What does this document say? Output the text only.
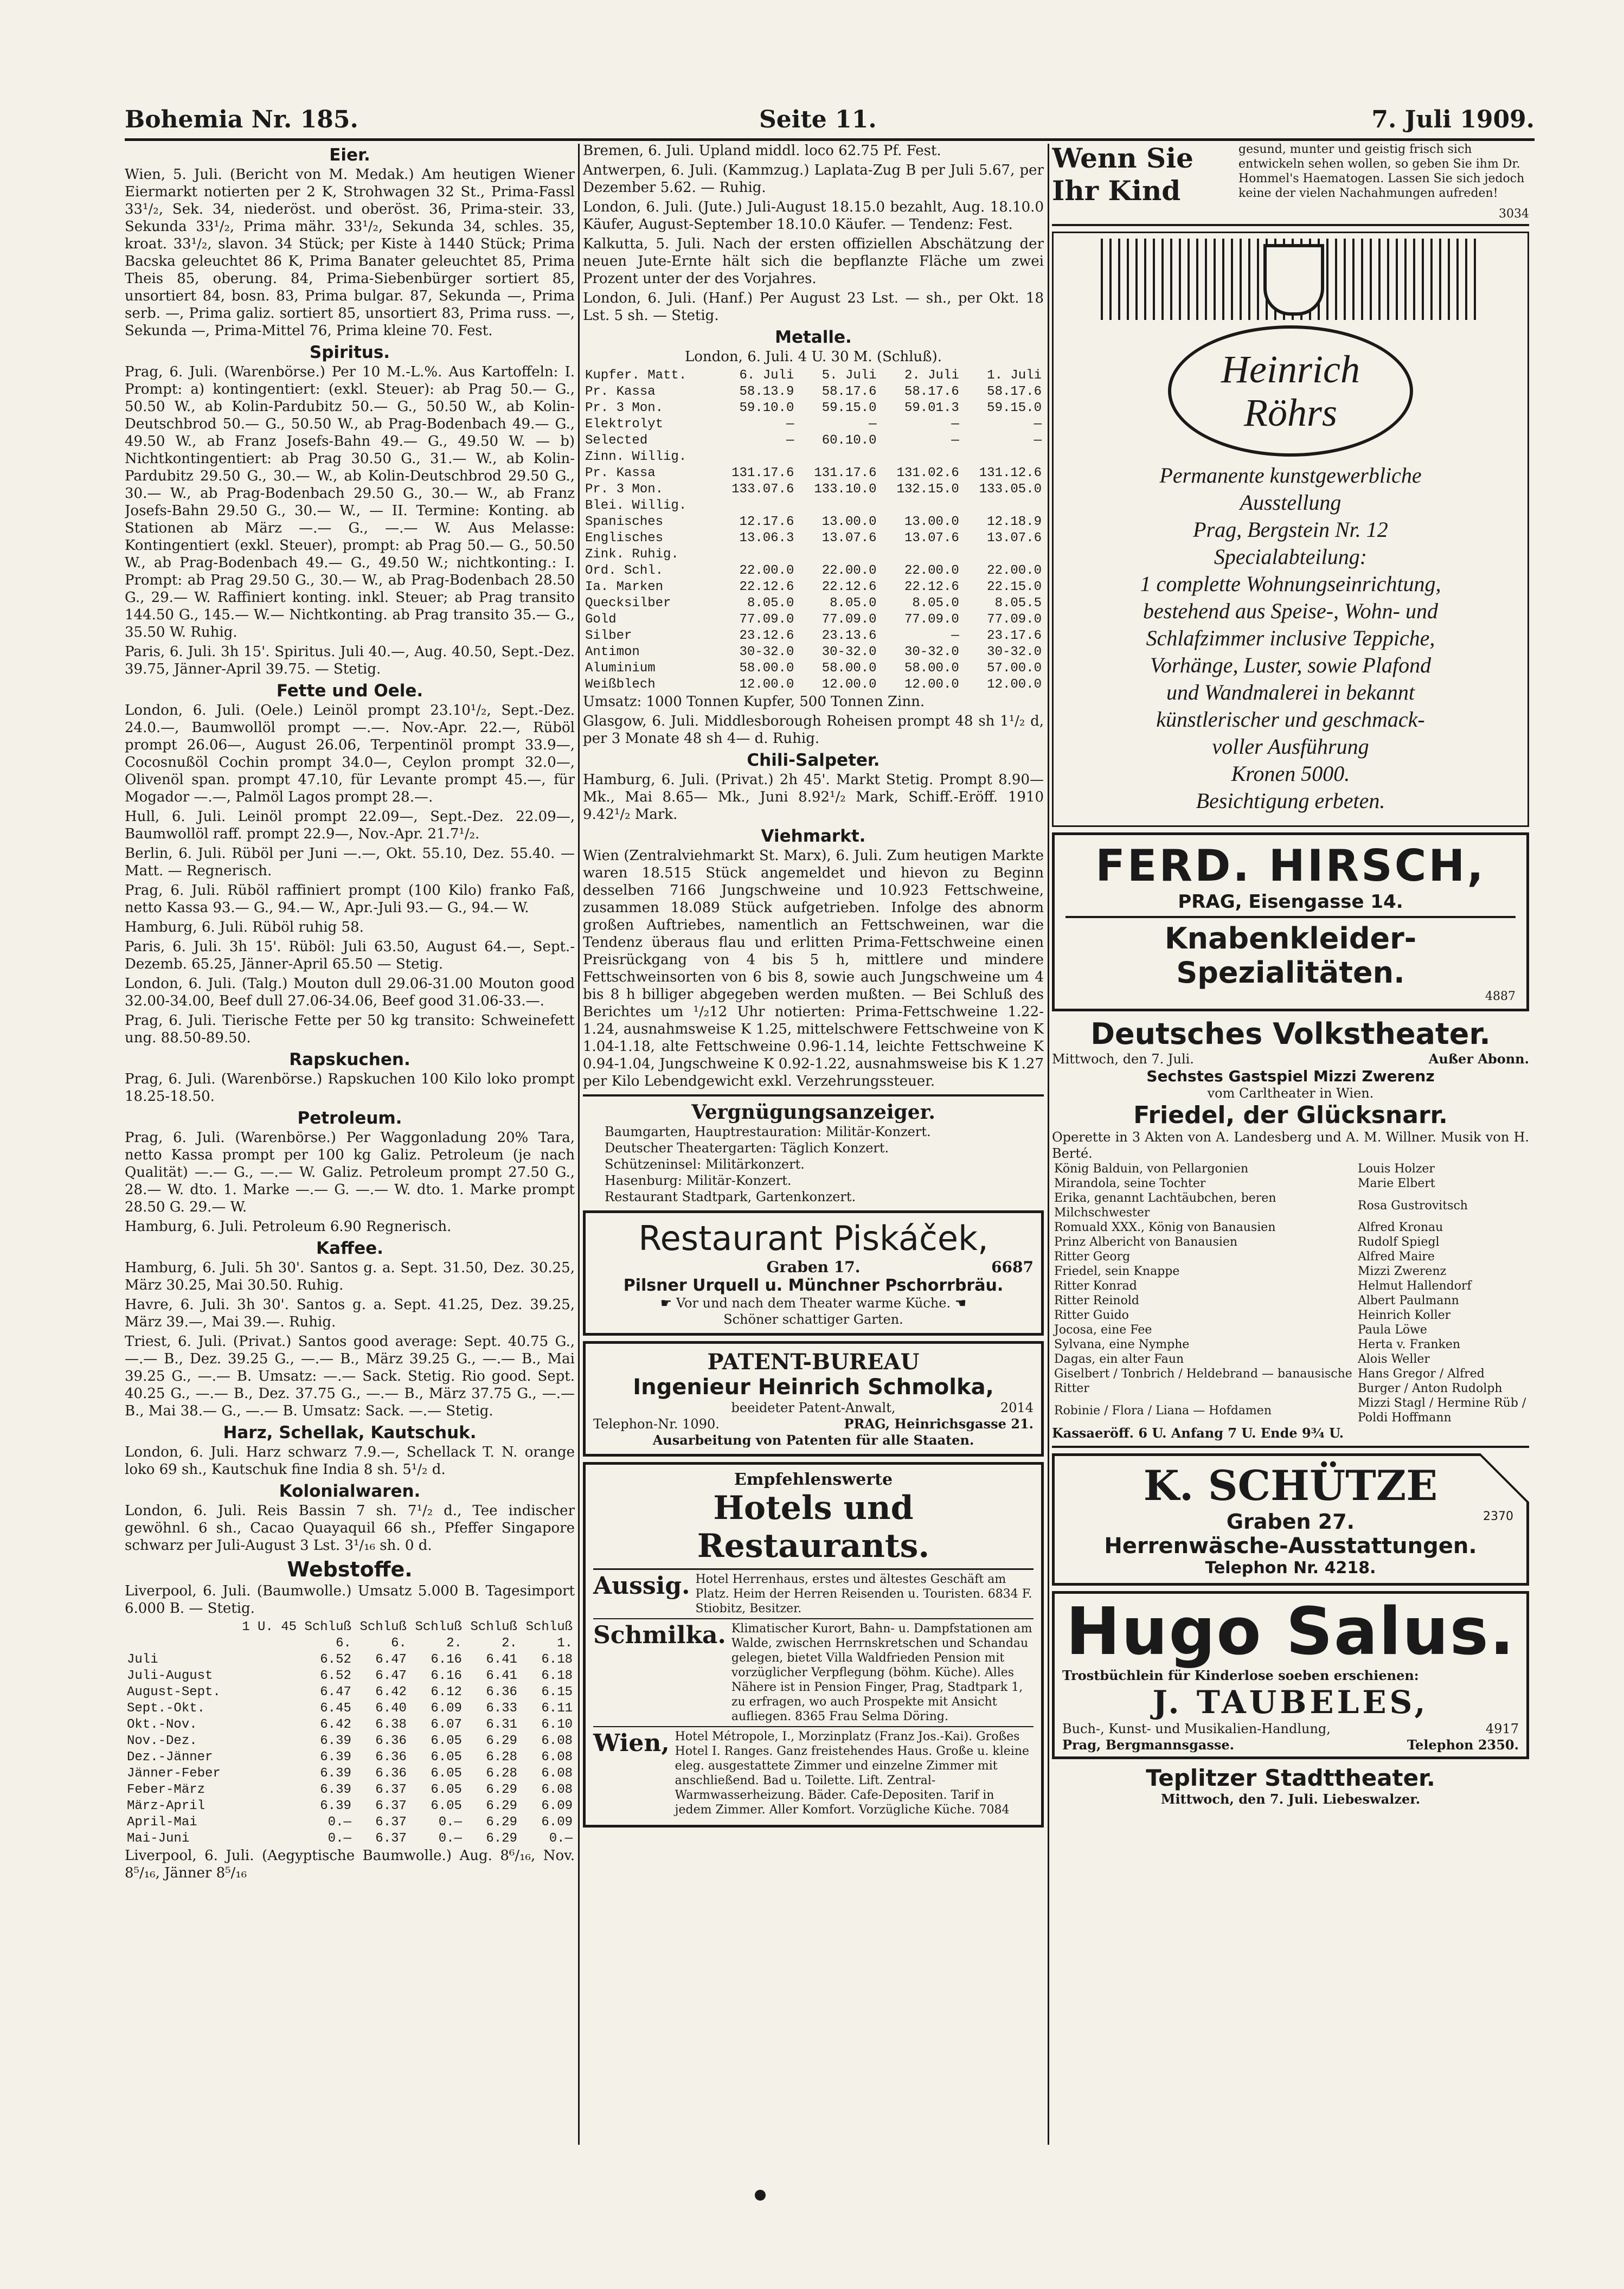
Bohemia Nr. 185.	Seite 11.	7. Juli 1909.
Eier.

Wien, 5. Juli. (Bericht von M. Medak.) Am heutigen Wiener Eiermarkt notierten per 2 K, Strohwagen 32 St., Prima-Fassl 33¹/₂, Sek. 34, niederöst. und oberöst. 36, Prima-steir. 33, Sekunda 33¹/₂, Prima mähr. 33¹/₂, Sekunda 34, schles. 35, kroat. 33¹/₂, slavon. 34 Stück; per Kiste à 1440 Stück; Prima Bacska geleuchtet 86 K, Prima Banater geleuchtet 85, Prima Theis 85, oberung. 84, Prima-Siebenbürger sortiert 85, unsortiert 84, bosn. 83, Prima bulgar. 87, Sekunda —, Prima serb. —, Prima galiz. sortiert 85, unsortiert 83, Prima russ. —, Sekunda —, Prima-Mittel 76, Prima kleine 70. Fest.

Spiritus.

Prag, 6. Juli. (Warenbörse.) Per 10 M.-L.%. Aus Kartoffeln: I. Prompt: a) kontingentiert: (exkl. Steuer): ab Prag 50.— G., 50.50 W., ab Kolin-Pardubitz 50.— G., 50.50 W., ab Kolin-Deutschbrod 50.— G., 50.50 W., ab Prag-Bodenbach 49.— G., 49.50 W., ab Franz Josefs-Bahn 49.— G., 49.50 W. — b) Nichtkontingentiert: ab Prag 30.50 G., 31.— W., ab Kolin-Pardubitz 29.50 G., 30.— W., ab Kolin-Deutschbrod 29.50 G., 30.— W., ab Prag-Bodenbach 29.50 G., 30.— W., ab Franz Josefs-Bahn 29.50 G., 30.— W., — II. Termine: Konting. ab Stationen ab März —.— G., —.— W. Aus Melasse: Kontingentiert (exkl. Steuer), prompt: ab Prag 50.— G., 50.50 W., ab Prag-Bodenbach 49.— G., 49.50 W.; nichtkonting.: I. Prompt: ab Prag 29.50 G., 30.— W., ab Prag-Bodenbach 28.50 G., 29.— W. Raffiniert konting. inkl. Steuer; ab Prag transito 144.50 G., 145.— W.— Nichtkonting. ab Prag transito 35.— G., 35.50 W. Ruhig.

Paris, 6. Juli. 3h 15'. Spiritus. Juli 40.—, Aug. 40.50, Sept.-Dez. 39.75, Jänner-April 39.75. — Stetig.

Fette und Oele.

London, 6. Juli. (Oele.) Leinöl prompt 23.10¹/₂, Sept.-Dez. 24.0.—, Baumwollöl prompt —.—. Nov.-Apr. 22.—, Rüböl prompt 26.06—, August 26.06, Terpentinöl prompt 33.9—, Cocosnußöl Cochin prompt 34.0—, Ceylon prompt 32.0—, Olivenöl span. prompt 47.10, für Levante prompt 45.—, für Mogador —.—, Palmöl Lagos prompt 28.—.

Hull, 6. Juli. Leinöl prompt 22.09—, Sept.-Dez. 22.09—, Baumwollöl raff. prompt 22.9—, Nov.-Apr. 21.7¹/₂.

Berlin, 6. Juli. Rüböl per Juni —.—, Okt. 55.10, Dez. 55.40. — Matt. — Regnerisch.

Prag, 6. Juli. Rüböl raffiniert prompt (100 Kilo) franko Faß, netto Kassa 93.— G., 94.— W., Apr.-Juli 93.— G., 94.— W.

Hamburg, 6. Juli. Rüböl ruhig 58.

Paris, 6. Juli. 3h 15'. Rüböl: Juli 63.50, August 64.—, Sept.-Dezemb. 65.25, Jänner-April 65.50 — Stetig.

London, 6. Juli. (Talg.) Mouton dull 29.06-31.00 Mouton good 32.00-34.00, Beef dull 27.06-34.06, Beef good 31.06-33.—.

Prag, 6. Juli. Tierische Fette per 50 kg transito: Schweinefett ung. 88.50-89.50.

Rapskuchen.

Prag, 6. Juli. (Warenbörse.) Rapskuchen 100 Kilo loko prompt 18.25-18.50.

Petroleum.

Prag, 6. Juli. (Warenbörse.) Per Waggonladung 20% Tara, netto Kassa prompt per 100 kg Galiz. Petroleum (je nach Qualität) —.— G., —.— W. Galiz. Petroleum prompt 27.50 G., 28.— W. dto. 1. Marke —.— G. —.— W. dto. 1. Marke prompt 28.50 G. 29.— W.

Hamburg, 6. Juli. Petroleum 6.90 Regnerisch.

Kaffee.

Hamburg, 6. Juli. 5h 30'. Santos g. a. Sept. 31.50, Dez. 30.25, März 30.25, Mai 30.50. Ruhig.

Havre, 6. Juli. 3h 30'. Santos g. a. Sept. 41.25, Dez. 39.25, März 39.—, Mai 39.—. Ruhig.

Triest, 6. Juli. (Privat.) Santos good average: Sept. 40.75 G., —.— B., Dez. 39.25 G., —.— B., März 39.25 G., —.— B., Mai 39.25 G., —.— B. Umsatz: —.— Sack. Stetig. Rio good. Sept. 40.25 G., —.— B., Dez. 37.75 G., —.— B., März 37.75 G., —.— B., Mai 38.— G., —.— B. Umsatz: Sack. —.— Stetig.

Harz, Schellak, Kautschuk.

London, 6. Juli. Harz schwarz 7.9.—, Schellack T. N. orange loko 69 sh., Kautschuk fine India 8 sh. 5¹/₂ d.

Kolonialwaren.

London, 6. Juli. Reis Bassin 7 sh. 7¹/₂ d., Tee indischer gewöhnl. 6 sh., Cacao Quayaquil 66 sh., Pfeffer Singapore schwarz per Juli-August 3 Lst. 3¹/₁₆ sh. 0 d.

Webstoffe.

Liverpool, 6. Juli. (Baumwolle.) Umsatz 5.000 B. Tagesimport 6.000 B. — Stetig.

	1 U. 45 Schluß	Schluß	Schluß	Schluß	Schluß
	6.	6.	2.	2.	1.
Juli	6.52	6.47	6.16	6.41	6.18
Juli-August	6.52	6.47	6.16	6.41	6.18
August-Sept.	6.47	6.42	6.12	6.36	6.15
Sept.-Okt.	6.45	6.40	6.09	6.33	6.11
Okt.-Nov.	6.42	6.38	6.07	6.31	6.10
Nov.-Dez.	6.39	6.36	6.05	6.29	6.08
Dez.-Jänner	6.39	6.36	6.05	6.28	6.08
Jänner-Feber	6.39	6.36	6.05	6.28	6.08
Feber-März	6.39	6.37	6.05	6.29	6.08
März-April	6.39	6.37	6.05	6.29	6.09
April-Mai	0.—	6.37	0.—	6.29	6.09
Mai-Juni	0.—	6.37	0.—	6.29	0.—

Liverpool, 6. Juli. (Aegyptische Baumwolle.) Aug. 8⁶/₁₆, Nov. 8⁵/₁₆, Jänner 8⁵/₁₆

Bremen, 6. Juli. Upland middl. loco 62.75 Pf. Fest.

Antwerpen, 6. Juli. (Kammzug.) Laplata-Zug B per Juli 5.67, per Dezember 5.62. — Ruhig.

London, 6. Juli. (Jute.) Juli-August 18.15.0 bezahlt, Aug. 18.10.0 Käufer, August-September 18.10.0 Käufer. — Tendenz: Fest.

Kalkutta, 5. Juli. Nach der ersten offiziellen Abschätzung der neuen Jute-Ernte hält sich die bepflanzte Fläche um zwei Prozent unter der des Vorjahres.

London, 6. Juli. (Hanf.) Per August 23 Lst. — sh., per Okt. 18 Lst. 5 sh. — Stetig.

Metalle.

London, 6. Juli. 4 U. 30 M. (Schluß).

Kupfer. Matt.	6. Juli	5. Juli	2. Juli	1. Juli
Pr. Kassa	58.13.9	58.17.6	58.17.6	58.17.6
Pr. 3 Mon.	59.10.0	59.15.0	59.01.3	59.15.0
Elektrolyt	—	—	—	—
Selected	—	60.10.0	—	—
Zinn. Willig.				
Pr. Kassa	131.17.6	131.17.6	131.02.6	131.12.6
Pr. 3 Mon.	133.07.6	133.10.0	132.15.0	133.05.0
Blei. Willig.				
Spanisches	12.17.6	13.00.0	13.00.0	12.18.9
Englisches	13.06.3	13.07.6	13.07.6	13.07.6
Zink. Ruhig.				
Ord. Schl.	22.00.0	22.00.0	22.00.0	22.00.0
Ia. Marken	22.12.6	22.12.6	22.12.6	22.15.0
Quecksilber	8.05.0	8.05.0	8.05.0	8.05.5
Gold	77.09.0	77.09.0	77.09.0	77.09.0
Silber	23.12.6	23.13.6	—	23.17.6
Antimon	30-32.0	30-32.0	30-32.0	30-32.0
Aluminium	58.00.0	58.00.0	58.00.0	57.00.0
Weißblech	12.00.0	12.00.0	12.00.0	12.00.0

Umsatz: 1000 Tonnen Kupfer, 500 Tonnen Zinn.

Glasgow, 6. Juli. Middlesborough Roheisen prompt 48 sh 1¹/₂ d, per 3 Monate 48 sh 4— d. Ruhig.

Chili-Salpeter.

Hamburg, 6. Juli. (Privat.) 2h 45'. Markt Stetig. Prompt 8.90— Mk., Mai 8.65— Mk., Juni 8.92¹/₂ Mark, Schiff.-Eröff. 1910 9.42¹/₂ Mark.

Viehmarkt.

Wien (Zentralviehmarkt St. Marx), 6. Juli. Zum heutigen Markte waren 18.515 Stück angemeldet und hievon zu Beginn desselben 7166 Jungschweine und 10.923 Fettschweine, zusammen 18.089 Stück aufgetrieben. Infolge des abnorm großen Auftriebes, namentlich an Fettschweinen, war die Tendenz überaus flau und erlitten Prima-Fettschweine einen Preisrückgang von 4 bis 5 h, mittlere und mindere Fettschweinsorten von 6 bis 8, sowie auch Jungschweine um 4 bis 8 h billiger abgegeben werden mußten. — Bei Schluß des Berichtes um ¹/₂12 Uhr notierten: Prima-Fettschweine 1.22-1.24, ausnahmsweise K 1.25, mittelschwere Fettschweine von K 1.04-1.18, alte Fettschweine 0.96-1.14, leichte Fettschweine K 0.94-1.04, Jungschweine K 0.92-1.22, ausnahmsweise bis K 1.27 per Kilo Lebendgewicht exkl. Verzehrungssteuer.

Vergnügungsanzeiger.
Baumgarten, Hauptrestauration: Militär-Konzert.
Deutscher Theatergarten: Täglich Konzert.
Schützeninsel: Militärkonzert.
Hasenburg: Militär-Konzert.
Restaurant Stadtpark, Gartenkonzert.
Restaurant Piskáček,
Graben 17.	6687
Pilsner Urquell u. Münchner Pschorrbräu.
☛ Vor und nach dem Theater warme Küche. ☚
Schöner schattiger Garten.
PATENT-BUREAU
Ingenieur Heinrich Schmolka,
beeideter Patent-Anwalt,	2014
Telephon-Nr. 1090.	PRAG, Heinrichsgasse 21.
Ausarbeitung von Patenten für alle Staaten.
Empfehlenswerte
Hotels und Restaurants.
Aussig. Hotel Herrenhaus, erstes und ältestes Geschäft am Platz. Heim der Herren Reisenden u. Touristen. 6834 F. Stiobitz, Besitzer.
Schmilka. Klimatischer Kurort, Bahn- u. Dampfstationen am Walde, zwischen Herrnskretschen und Schandau gelegen, bietet Villa Waldfrieden Pension mit vorzüglicher Verpflegung (böhm. Küche). Alles Nähere ist in Pension Finger, Prag, Stadtpark 1, zu erfragen, wo auch Prospekte mit Ansicht aufliegen. 8365 Frau Selma Döring.
Wien, Hotel Métropole, I., Morzinplatz (Franz Jos.-Kai). Großes Hotel I. Ranges. Ganz freistehendes Haus. Große u. kleine eleg. ausgestattete Zimmer und einzelne Zimmer mit anschließend. Bad u. Toilette. Lift. Zentral-Warmwasserheizung. Bäder. Cafe-Depositen. Tarif in jedem Zimmer. Aller Komfort. Vorzügliche Küche. 7084
Wenn Sie Ihr Kind
gesund, munter und geistig frisch sich entwickeln sehen wollen, so geben Sie ihm Dr. Hommel's Haematogen. Lassen Sie sich jedoch keine der vielen Nachahmungen aufreden!
3034
Heinrich
Röhrs
Permanente kunstgewerbliche
Ausstellung
Prag, Bergstein Nr. 12
Specialabteilung:
1 complette Wohnungseinrichtung,
bestehend aus Speise-, Wohn- und
Schlafzimmer inclusive Teppiche,
Vorhänge, Luster, sowie Plafond
und Wandmalerei in bekannt
künstlerischer und geschmack-
voller Ausführung
Kronen 5000.
Besichtigung erbeten.
FERD. HIRSCH,
PRAG, Eisengasse 14.
Knabenkleider-Spezialitäten.
4887
Deutsches Volkstheater.
Mittwoch, den 7. Juli.	Außer Abonn.
Sechstes Gastspiel Mizzi Zwerenz
vom Carltheater in Wien.
Friedel, der Glücksnarr.
Operette in 3 Akten von A. Landesberg und A. M. Willner. Musik von H. Berté.
König Balduin, von Pellargonien	Louis Holzer
Mirandola, seine Tochter	Marie Elbert
Erika, genannt Lachtäubchen, beren Milchschwester	Rosa Gustrovitsch
Romuald XXX., König von Banausien	Alfred Kronau
Prinz Albericht von Banausien	Rudolf Spiegl
Ritter Georg	Alfred Maire
Friedel, sein Knappe	Mizzi Zwerenz
Ritter Konrad	Helmut Hallendorf
Ritter Reinold	Albert Paulmann
Ritter Guido	Heinrich Koller
Jocosa, eine Fee	Paula Löwe
Sylvana, eine Nymphe	Herta v. Franken
Dagas, ein alter Faun	Alois Weller
Giselbert / Tonbrich / Heldebrand — banausische Ritter	Hans Gregor / Alfred Burger / Anton Rudolph
Robinie / Flora / Liana — Hofdamen	Mizzi Stagl / Hermine Rüb / Poldi Hoffmann
Kassaeröff. 6 U. Anfang 7 U. Ende 9¾ U.
K. SCHÜTZE
Graben 27.	2370
Herrenwäsche-Ausstattungen.
Telephon Nr. 4218.
Hugo Salus.
Trostbüchlein für Kinderlose soeben erschienen:
J. TAUBELES,
Buch-, Kunst- und Musikalien-Handlung,	4917
Prag, Bergmannsgasse.	Telephon 2350.
Teplitzer Stadttheater.
Mittwoch, den 7. Juli. Liebeswalzer.
